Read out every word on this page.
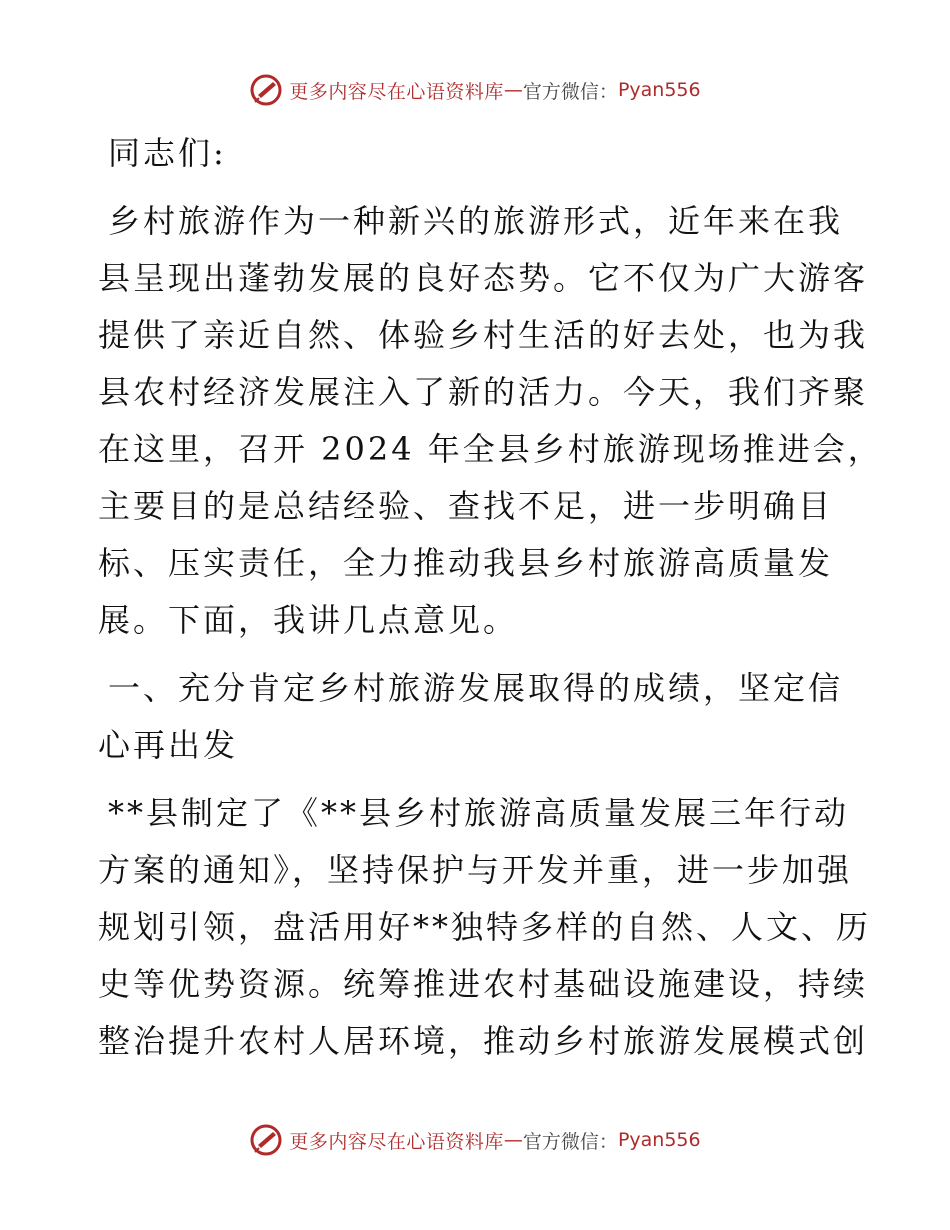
更多内容尽在心语资料库 — 官方微信： Pyan556

同志们:

乡村旅游作为一种新兴的旅游形式，近年来在我

县呈现出蓬勃发展的良好态势。它不仅为广大游客

提供了亲近自然、体验乡村生活的好去处，也为我

县农村经济发展注入了新的活力。今天，我们齐聚

在这里，召开 2024 年全县乡村旅游现场推进会，

主要目的是总结经验、查找不足，进一步明确目

标、压实责任，全力推动我县乡村旅游高质量发

展。下面，我讲几点意见。

一、充分肯定乡村旅游发展取得的成绩，坚定信

心再出发

**县制定了《**县乡村旅游高质量发展三年行动

方案的通知》，坚持保护与开发并重，进一步加强

规划引领，盘活用好**独特多样的自然、人文、历

史等优势资源。统筹推进农村基础设施建设，持续

整治提升农村人居环境，推动乡村旅游发展模式创

更多内容尽在心语资料库 — 官方微信： Pyan556
